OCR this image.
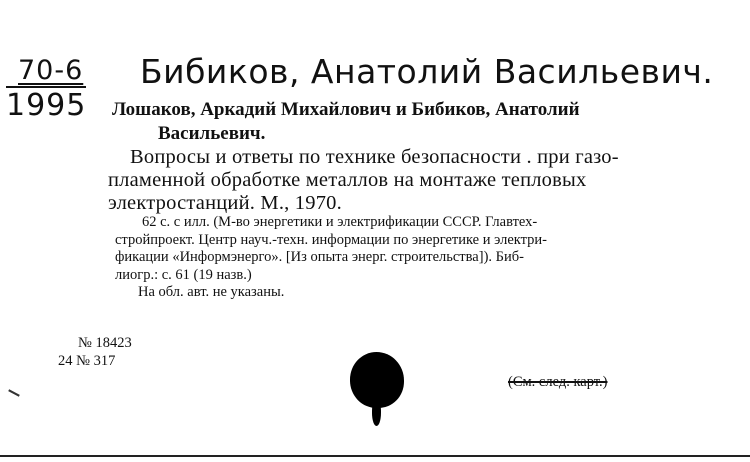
70-6
1995
Бибиков, Анатолий Васильевич.
Лошаков, Аркадий Михайлович и Бибиков, Анатолий
Васильевич.
Вопросы и ответы по технике безопасности . при газо-
пламенной обработке металлов на монтаже тепловых
электростанций. М., 1970.
62 с. с илл. (М-во энергетики и электрификации СССР. Главтех-
стройпроект. Центр науч.-техн. информации по энергетике и электри-
фикации «Информэнерго». [Из опыта энерг. строительства]). Биб-
лиогр.: с. 61 (19 назв.)
На обл. авт. не указаны.
№ 18423
24 № 317
(См. след. карт.)
